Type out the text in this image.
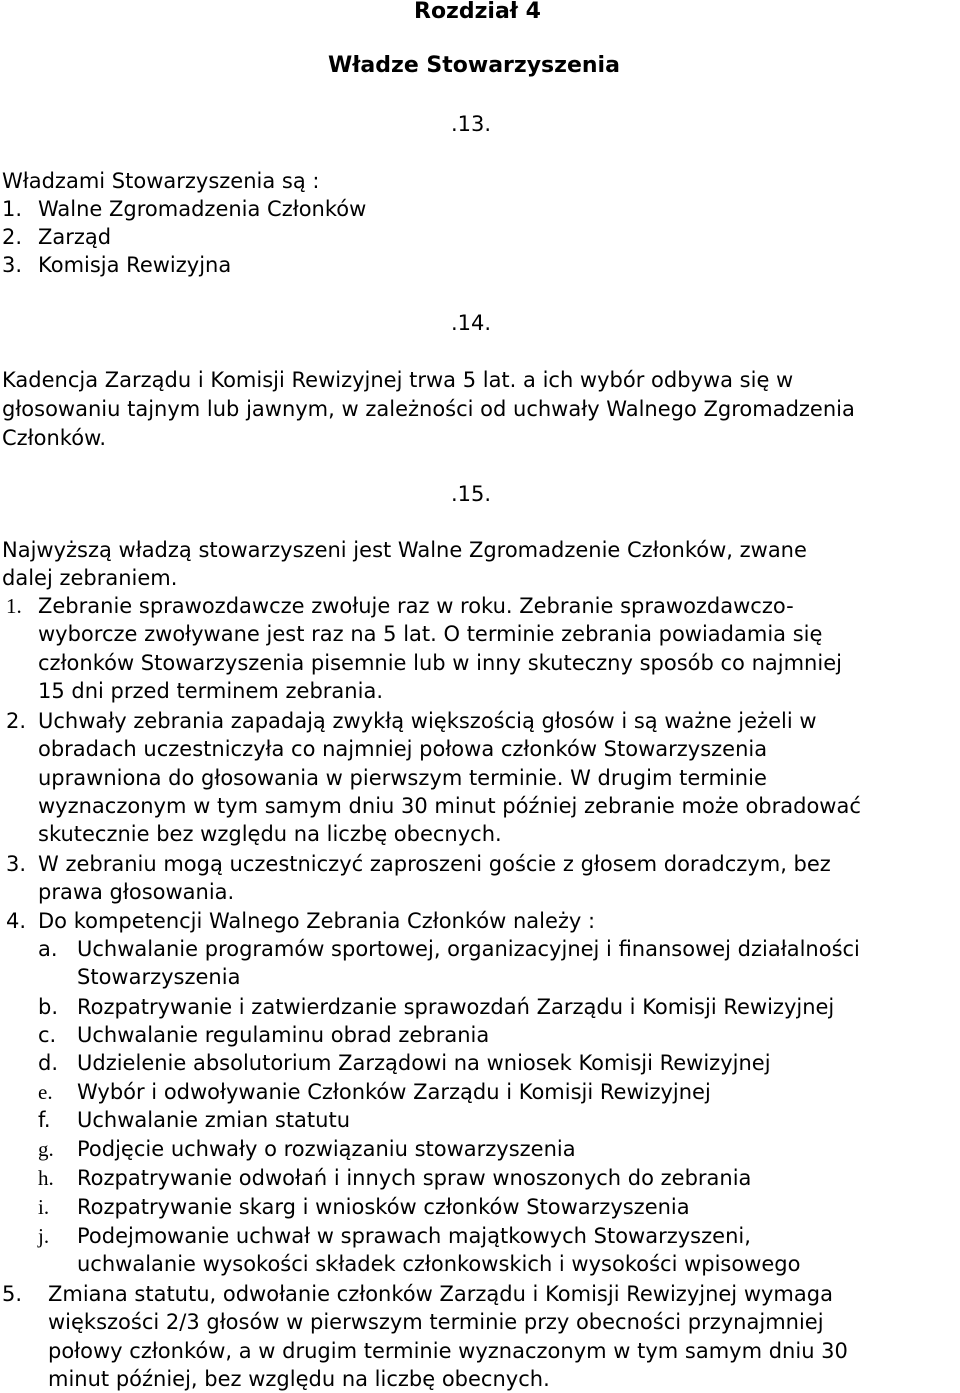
Rozdział 4
Władze Stowarzyszenia
.13.
Władzami Stowarzyszenia są :
1. Walne Zgromadzenia Członków
2. Zarząd
3. Komisja Rewizyjna
.14.
Kadencja Zarządu i Komisji Rewizyjnej trwa 5 lat. a ich wybór odbywa się w
głosowaniu tajnym lub jawnym, w zależności od uchwały Walnego Zgromadzenia
Członków.
.15.
Najwyższą władzą stowarzyszeni jest Walne Zgromadzenie Członków, zwane
dalej zebraniem.
1. Zebranie sprawozdawcze zwołuje raz w roku. Zebranie sprawozdawczo-
wyborcze zwoływane jest raz na 5 lat. O terminie zebrania powiadamia się
członków Stowarzyszenia pisemnie lub w inny skuteczny sposób co najmniej
15 dni przed terminem zebrania.
2. Uchwały zebrania zapadają zwykłą większością głosów i są ważne jeżeli w
obradach uczestniczyła co najmniej połowa członków Stowarzyszenia
uprawniona do głosowania w pierwszym terminie. W drugim terminie
wyznaczonym w tym samym dniu 30 minut później zebranie może obradować
skutecznie bez względu na liczbę obecnych.
3. W zebraniu mogą uczestniczyć zaproszeni goście z głosem doradczym, bez
prawa głosowania.
4. Do kompetencji Walnego Zebrania Członków należy :
a. Uchwalanie programów sportowej, organizacyjnej i finansowej działalności
Stowarzyszenia
b. Rozpatrywanie i zatwierdzanie sprawozdań Zarządu i Komisji Rewizyjnej
c. Uchwalanie regulaminu obrad zebrania
d. Udzielenie absolutorium Zarządowi na wniosek Komisji Rewizyjnej
e. Wybór i odwoływanie Członków Zarządu i Komisji Rewizyjnej
f. Uchwalanie zmian statutu
g. Podjęcie uchwały o rozwiązaniu stowarzyszenia
h. Rozpatrywanie odwołań i innych spraw wnoszonych do zebrania
i. Rozpatrywanie skarg i wniosków członków Stowarzyszenia
j. Podejmowanie uchwał w sprawach majątkowych Stowarzyszeni,
uchwalanie wysokości składek członkowskich i wysokości wpisowego
5. Zmiana statutu, odwołanie członków Zarządu i Komisji Rewizyjnej wymaga
większości 2/3 głosów w pierwszym terminie przy obecności przynajmniej
połowy członków, a w drugim terminie wyznaczonym w tym samym dniu 30
minut później, bez względu na liczbę obecnych.
